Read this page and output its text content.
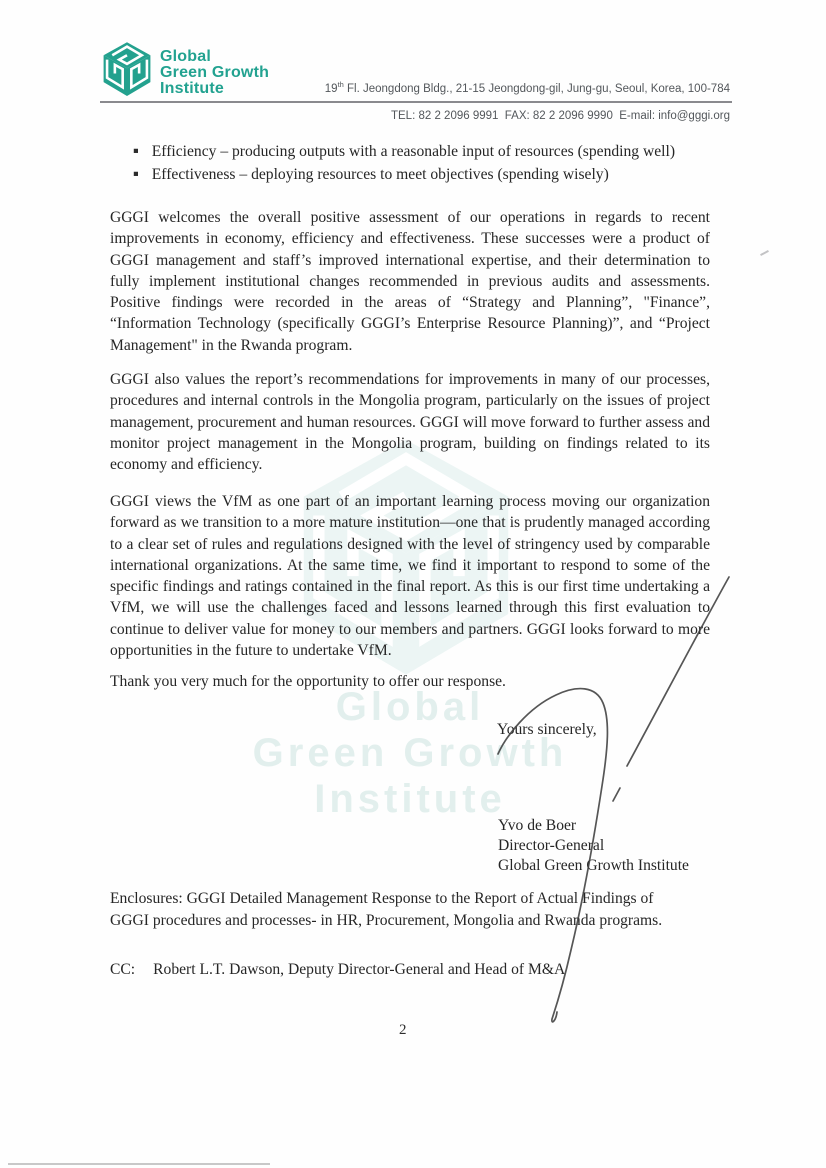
Global
Green Growth
Institute
Global
Green Growth
Institute	19th Fl. Jeongdong Bldg., 21-15 Jeongdong-gil, Jung-gu, Seoul, Korea, 100-784
TEL: 82 2 2096 9991  FAX: 82 2 2096 9990  E-mail: info@gggi.org
▪ Efficiency – producing outputs with a reasonable input of resources (spending well)
▪ Effectiveness – deploying resources to meet objectives (spending wisely)
GGGI welcomes the overall positive assessment of our operations in regards to recent improvements in economy, efficiency and effectiveness. These successes were a product of GGGI management and staff’s improved international expertise, and their determination to fully implement institutional changes recommended in previous audits and assessments. Positive findings were recorded in the areas of “Strategy and Planning”, "Finance”, “Information Technology (specifically GGGI’s Enterprise Resource Planning)”, and “Project Management" in the Rwanda program.
GGGI also values the report’s recommendations for improvements in many of our processes, procedures and internal controls in the Mongolia program, particularly on the issues of project management, procurement and human resources. GGGI will move forward to further assess and monitor project management in the Mongolia program, building on findings related to its economy and efficiency.
GGGI views the VfM as one part of an important learning process moving our organization forward as we transition to a more mature institution—one that is prudently managed according to a clear set of rules and regulations designed with the level of stringency used by comparable international organizations. At the same time, we find it important to respond to some of the specific findings and ratings contained in the final report. As this is our first time undertaking a VfM, we will use the challenges faced and lessons learned through this first evaluation to continue to deliver value for money to our members and partners. GGGI looks forward to more opportunities in the future to undertake VfM.
Thank you very much for the opportunity to offer our response.
Yours sincerely,
Yvo de Boer
Director-General
Global Green Growth Institute
Enclosures: GGGI Detailed Management Response to the Report of Actual Findings of
GGGI procedures and processes- in HR, Procurement, Mongolia and Rwanda programs.
CC: Robert L.T. Dawson, Deputy Director-General and Head of M&A
2
